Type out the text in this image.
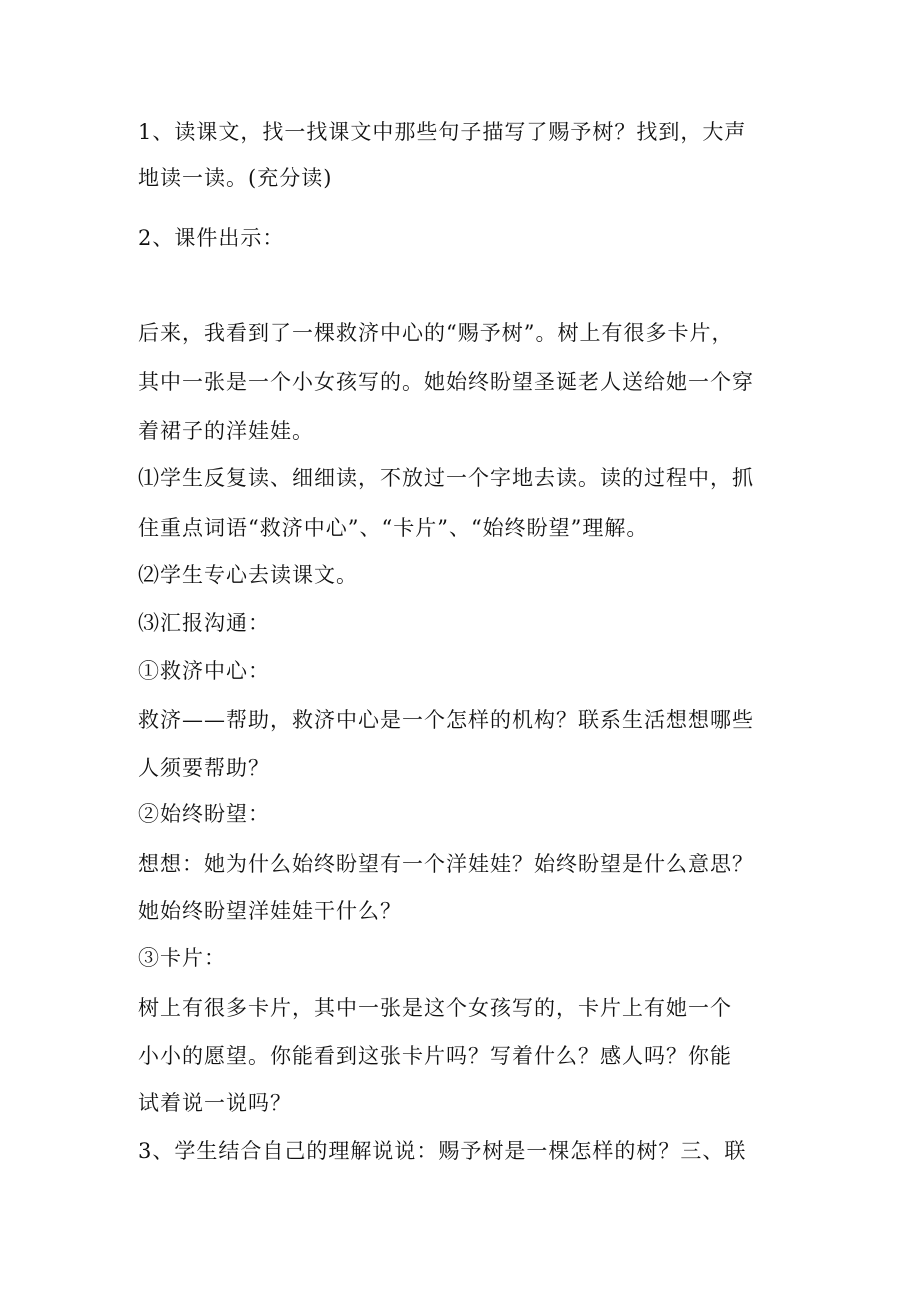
1、读课文，找一找课文中那些句子描写了赐予树？找到，大声
地读一读。(充分读)
2、课件出示：
后来，我看到了一棵救济中心的“赐予树”。树上有很多卡片，
其中一张是一个小女孩写的。她始终盼望圣诞老人送给她一个穿
着裙子的洋娃娃。
⑴学生反复读、细细读，不放过一个字地去读。读的过程中，抓
住重点词语“救济中心”、“卡片”、“始终盼望”理解。
⑵学生专心去读课文。
⑶汇报沟通：
①救济中心：
救济——帮助，救济中心是一个怎样的机构？联系生活想想哪些
人须要帮助？
②始终盼望：
想想：她为什么始终盼望有一个洋娃娃？始终盼望是什么意思？
她始终盼望洋娃娃干什么？
③卡片：
树上有很多卡片，其中一张是这个女孩写的，卡片上有她一个
小小的愿望。你能看到这张卡片吗？写着什么？感人吗？你能
试着说一说吗？
3、学生结合自己的理解说说：赐予树是一棵怎样的树？三、联
